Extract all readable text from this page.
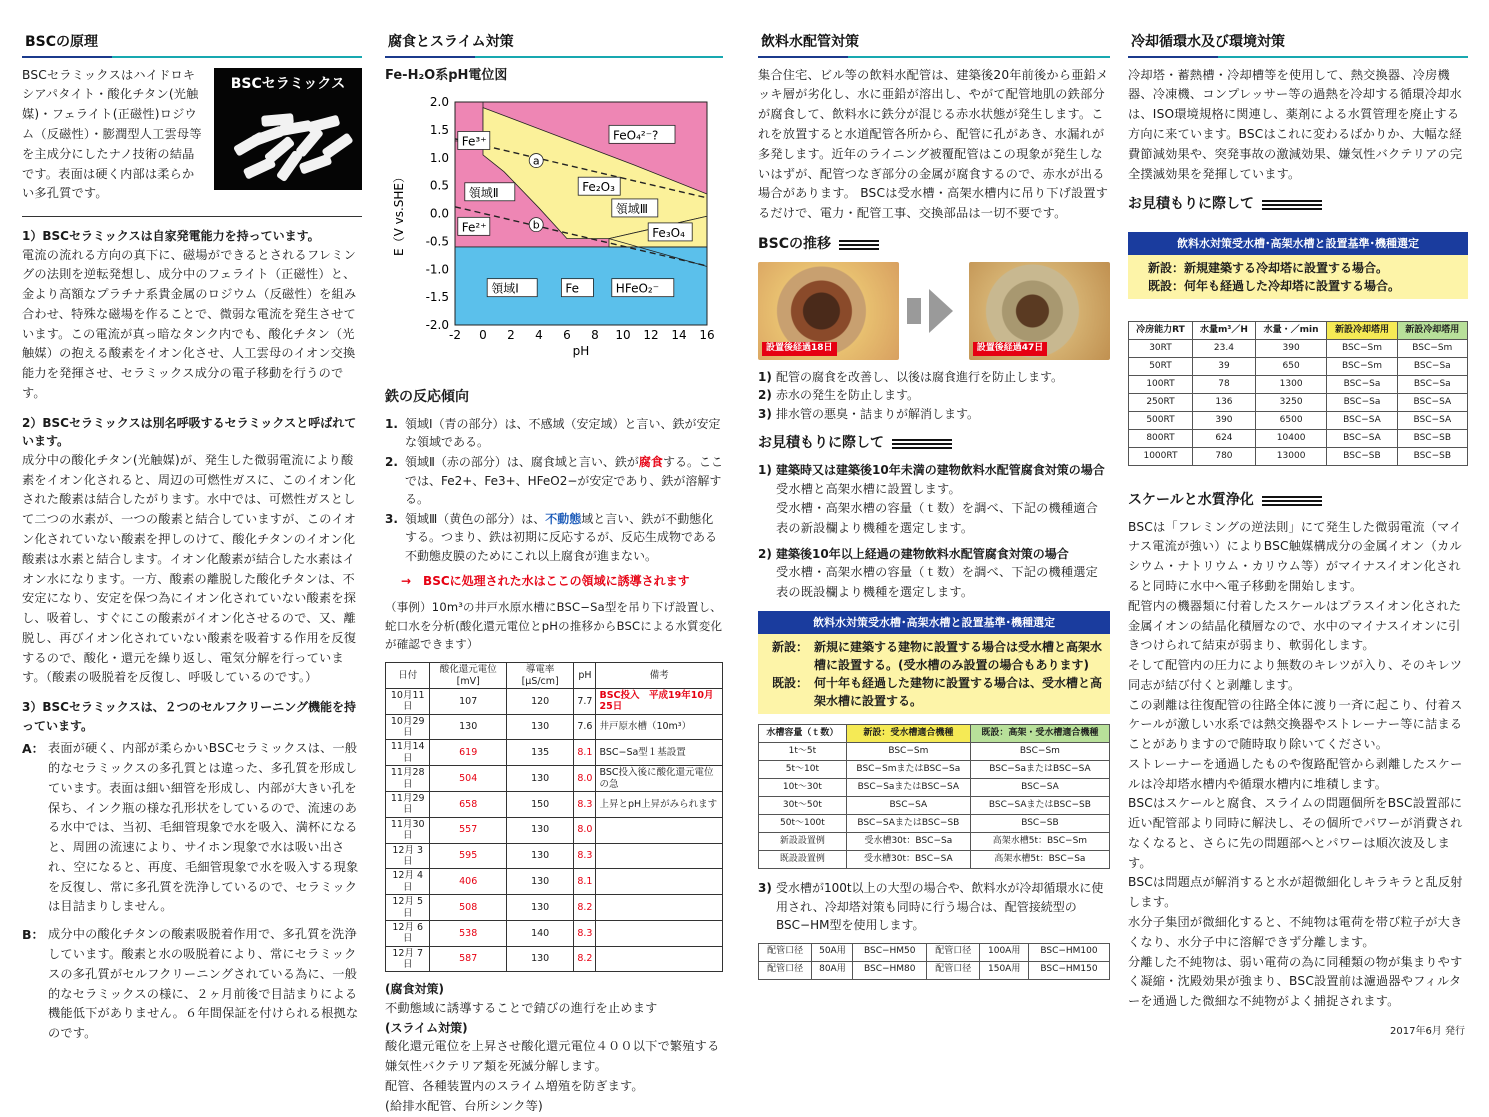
BSCの原理

BSCセラミックスはハイドロキシアパタイト・酸化チタン(光触媒)・フェライト(正磁性)ロジウム（反磁性）・膨潤型人工雲母等を主成分にしたナノ技術の結晶です。表面は硬く内部は柔らかい多孔質です。

BSCセラミックス
1）BSCセラミックスは自家発電能力を持っています。

電流の流れる方向の真下に、磁場ができるとされるフレミングの法則を逆転発想し、成分中のフェライト（正磁性）と、金より高額なプラチナ系貴金属のロジウム（反磁性）を組み合わせ、特殊な磁場を作ることで、微弱な電流を発生させています。この電流が真っ暗なタンク内でも、酸化チタン（光触媒）の抱える酸素をイオン化させ、人工雲母のイオン交換能力を発揮させ、セラミックス成分の電子移動を行うのです。

2）BSCセラミックスは別名呼吸するセラミックスと呼ばれています。

成分中の酸化チタン(光触媒)が、発生した微弱電流により酸素をイオン化されると、周辺の可燃性ガスに、このイオン化された酸素は結合したがります。水中では、可燃性ガスとして二つの水素が、一つの酸素と結合していますが、このイオン化されていない酸素を押しのけて、酸化チタンのイオン化酸素は水素と結合します。イオン化酸素が結合した水素はイオン水になります。一方、酸素の離脱した酸化チタンは、不安定になり、安定を保つ為にイオン化されていない酸素を探し、吸着し、すぐにこの酸素がイオン化させるので、又、離脱し、再びイオン化されていない酸素を吸着する作用を反復するので、酸化・還元を繰り返し、電気分解を行っています。（酸素の吸脱着を反復し、呼吸しているのです。）

3）BSCセラミックスは、２つのセルフクリーニング機能を持っています。
A： 表面が硬く、内部が柔らかいBSCセラミックスは、一般的なセラミックスの多孔質とは違った、多孔質を形成しています。表面は細い細管を形成し、内部が大きい孔を保ち、インク瓶の様な孔形状をしているので、流速のある水中では、当初、毛細管現象で水を吸入、満杯になると、周囲の流速により、サイホン現象で水は吸い出され、空になると、再度、毛細管現象で水を吸入する現象を反復し、常に多孔質を洗浄しているので、セラミックは目詰まりしません。

B： 成分中の酸化チタンの酸素吸脱着作用で、多孔質を洗浄しています。酸素と水の吸脱着により、常にセラミックスの多孔質がセルフクリーニングされている為に、一般的なセラミックスの様に、２ヶ月前後で目詰まりによる機能低下がありません。６年間保証を付けられる根拠なのです。

腐食とスライム対策
Fe‐H₂O系pH電位図
-2 0 2 4 6 8 10 12 14 16
2.0
1.5
1.0
0.5
0.0
-0.5
-1.0
-1.5
-2.0
pH
E（V vs.SHE）
Fe³⁺	FeO₄²⁻?
a
領域Ⅱ	Fe₂O₃
領域Ⅲ
Fe²⁺	b
Fe₃O₄
領域Ⅰ	Fe	HFeO₂⁻
鉄の反応傾向
1. 領域Ⅰ（青の部分）は、不感域（安定域）と言い、鉄が安定な領域である。
2. 領域Ⅱ（赤の部分）は、腐食域と言い、鉄が腐食する。ここでは、Fe2+、Fe3+、HFeO2−が安定であり、鉄が溶解する。
3. 領域Ⅲ（黄色の部分）は、不動態域と言い、鉄が不動態化する。つまり、鉄は初期に反応するが、反応生成物である不動態皮膜のためにこれ以上腐食が進まない。
→　BSCに処理された水はここの領域に誘導されます

（事例）10m³の井戸水原水槽にBSC−Sa型を吊り下げ設置し、蛇口水を分析(酸化還元電位とpHの推移からBSCによる水質変化が確認できます）

日付	酸化還元電位[mV]	導電率[μS/cm]	pH	備考
10月11日	107	120	7.7	BSC投入　平成19年10月25日
10月29日	130	130	7.6	井戸原水槽（10m³）
11月14日	619	135	8.1	BSC−Sa型１基設置
11月28日	504	130	8.0	BSC投入後に酸化還元電位の急
11月29日	658	150	8.3	上昇とpH上昇がみられます
11月30日	557	130	8.0	
12月 3日	595	130	8.3	
12月 4日	406	130	8.1	
12月 5日	508	130	8.2	
12月 6日	538	140	8.3	
12月 7日	587	130	8.2	
(腐食対策)

不動態域に誘導することで錆びの進行を止めます

(スライム対策)

酸化還元電位を上昇させ酸化還元電位４００以下で繁殖する嫌気性バクテリア類を死滅分解します。
配管、各種装置内のスライム増殖を防ぎます。
(給排水配管、台所シンク等)

飲料水配管対策

集合住宅、ビル等の飲料水配管は、建築後20年前後から亜鉛メッキ層が劣化し、水に亜鉛が溶出し、やがて配管地肌の鉄部分が腐食して、飲料水に鉄分が混じる赤水状態が発生します。これを放置すると水道配管各所から、配管に孔があき、水漏れが多発します。近年のライニング被覆配管はこの現象が発生しないはずが、配管つなぎ部分の金属が腐食するので、赤水が出る場合があります。 BSCは受水槽・高架水槽内に吊り下げ設置するだけで、電力・配管工事、交換部品は一切不要です。

BSCの推移
設置後経過18日	設置後経過47日
1) 配管の腐食を改善し、以後は腐食進行を防止します。
2) 赤水の発生を防止します。
3) 排水管の悪臭・詰まりが解消します。
お見積もりに際して
1) 建築時又は建築後10年未満の建物飲料水配管腐食対策の場合

受水槽と高架水槽に設置します。
受水槽・高架水槽の容量（ｔ数）を調べ、下記の機種適合表の新設欄より機種を選定します。

2) 建築後10年以上経過の建物飲料水配管腐食対策の場合

受水槽・高架水槽の容量（ｔ数）を調べ、下記の機種選定表の既設欄より機種を選定します。

飲料水対策受水槽･高架水槽と設置基準･機種選定
新設： 新規に建築する建物に設置する場合は受水槽と高架水槽に設置する。(受水槽のみ設置の場合もあります)
既設： 何十年も経過した建物に設置する場合は、受水槽と高架水槽に設置する。
水槽容量（ｔ数）	新設：受水槽適合機種	既設：高架・受水槽適合機種
1t〜5t	BSC−Sm	BSC−Sm
5t〜10t	BSC−SmまたはBSC−Sa	BSC−SaまたはBSC−SA
10t〜30t	BSC−SaまたはBSC−SA	BSC−SA
30t〜50t	BSC−SA	BSC−SAまたはBSC−SB
50t〜100t	BSC−SAまたはBSC−SB	BSC−SB
新設設置例	受水槽30t：BSC−Sa	高架水槽5t：BSC−Sm
既設設置例	受水槽30t：BSC−SA	高架水槽5t：BSC−Sa
3) 受水槽が100t以上の大型の場合や、飲料水が冷却循環水に使用され、冷却塔対策も同時に行う場合は、配管接続型のBSC−HM型を使用します。
配管口径	50A用	BSC−HM50	配管口径	100A用	BSC−HM100
配管口径	80A用	BSC−HM80	配管口径	150A用	BSC−HM150
冷却循環水及び環境対策

冷却塔・蓄熱槽・冷却槽等を使用して、熱交換器、冷房機器、冷凍機、コンプレッサー等の過熱を冷却する循環冷却水は、ISO環境規格に関連し、薬剤による水質管理を廃止する方向に来ています。BSCはこれに変わるばかりか、大幅な経費節減効果や、突発事故の激減効果、嫌気性バクテリアの完全撲滅効果を発揮しています。

お見積もりに際して
飲料水対策受水槽･高架水槽と設置基準･機種選定
新設：新規建築する冷却塔に設置する場合。
既設：何年も経過した冷却塔に設置する場合。
冷房能力RT	水量m³／H	水量・／min	新設冷却塔用	新設冷却塔用
30RT	23.4	390	BSC−Sm	BSC−Sm
50RT	39	650	BSC−Sm	BSC−Sa
100RT	78	1300	BSC−Sa	BSC−Sa
250RT	136	3250	BSC−Sa	BSC−SA
500RT	390	6500	BSC−SA	BSC−SA
800RT	624	10400	BSC−SA	BSC−SB
1000RT	780	13000	BSC−SB	BSC−SB
スケールと水質浄化

BSCは「フレミングの逆法則」にて発生した微弱電流（マイナス電流が強い）によりBSC触媒構成分の金属イオン（カルシウム・ナトリウム・カリウム等）がマイナスイオン化されると同時に水中へ電子移動を開始します。
配管内の機器類に付着したスケールはプラスイオン化された金属イオンの結晶化積層なので、水中のマイナスイオンに引きつけられて結束が弱まり、軟弱化します。
そして配管内の圧力により無数のキレツが入り、そのキレツ同志が結び付くと剥離します。
この剥離は往復配管の往路全体に渡り一斉に起こり、付着スケールが激しい水系では熱交換器やストレーナー等に詰まることがありますので随時取り除いてください。
ストレーナーを通過したものや復路配管から剥離したスケールは冷却塔水槽内や循環水槽内に堆積します。
BSCはスケールと腐食、スライムの問題個所をBSC設置部に近い配管部より同時に解決し、その個所でパワーが消費されなくなると、さらに先の問題部へとパワーは順次波及します。
BSCは問題点が解消すると水が超微細化しキラキラと乱反射します。
水分子集団が微細化すると、不純物は電荷を帯び粒子が大きくなり、水分子中に溶解できず分離します。
分離した不純物は、弱い電荷の為に同種類の物が集まりやすく凝縮・沈殿効果が強まり、BSC設置前は濾過器やフィルターを通過した微細な不純物がよく捕捉されます。

2017年6月 発行
